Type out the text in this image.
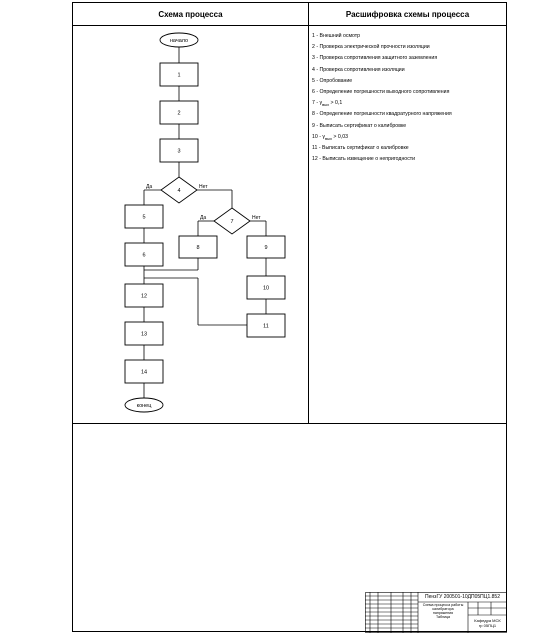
Схема процесса	Расшифровка схемы процесса
начало
1
2
3
4
5
6
7
8	9
10
11
12
13
14
конец
Да	Нет
Да	Нет
1 - Внешний осмотр
2 - Проверка электрической прочности изоляции
3 - Проверка сопротивления защитного заземления
4 - Проверка сопротивления изоляции
5 - Опробование
6 - Определение погрешности выходного сопротивления
$7 - \gamma_{вых} > 0,1$
8 - Определение погрешности квадратурного напряжения
9 - Выписать сертификат о калибровке
$10 - \gamma_{вых} > 0,03$
11 - Выписать сертификат о калибровке
12 - Выписать извещение о непригодности
ПензГУ 200501-10ДП05ПЦ1.852
Схема процесса работы
калибратора
напряжения
Таблица
Кафедра МСК
гр 05ПЦ1
